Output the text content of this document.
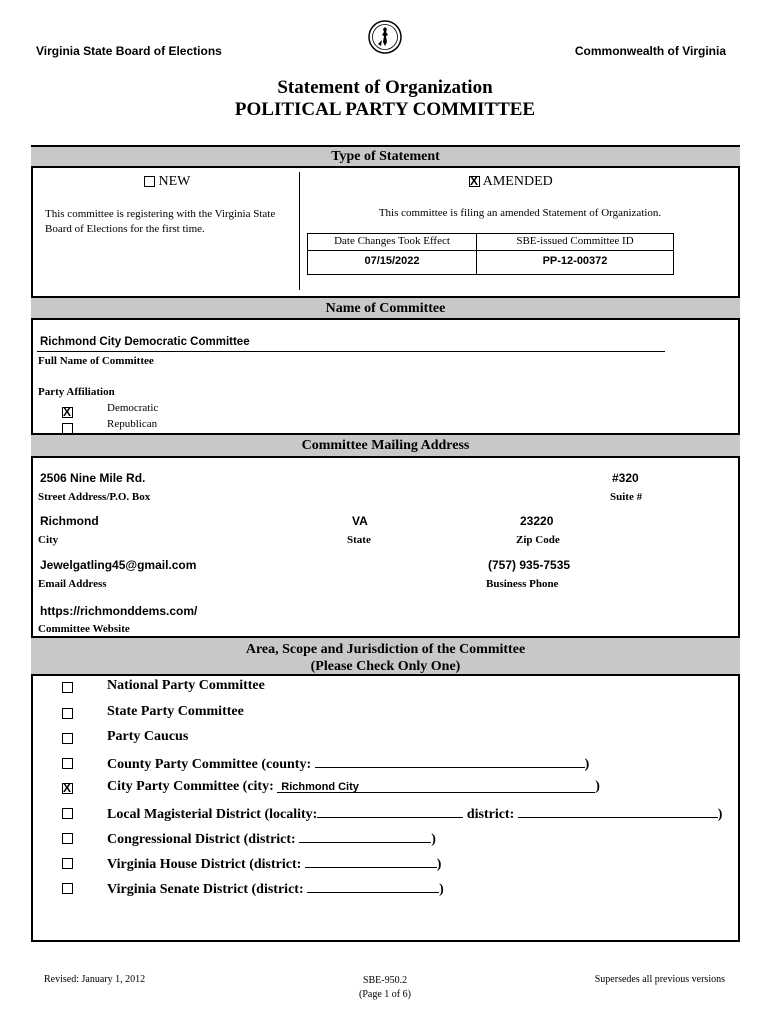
Virginia State Board of Elections	Commonwealth of Virginia
Statement of Organization
POLITICAL PARTY COMMITTEE
Type of Statement
NEW
This committee is registering with the Virginia State Board of Elections for the first time.
X AMENDED
This committee is filing an amended Statement of Organization.
Date Changes Took Effect	SBE-issued Committee ID
07/15/2022	PP-12-00372
Name of Committee
Richmond City Democratic Committee
Full Name of Committee
Party Affiliation
X	Democratic
Republican
Committee Mailing Address
2506 Nine Mile Rd.	#320
Street Address/P.O. Box	Suite #
Richmond	VA	23220
City	State	Zip Code
Jewelgatling45@gmail.com	(757) 935-7535
Email Address	Business Phone
https://richmonddems.com/
Committee Website
Area, Scope and Jurisdiction of the Committee
(Please Check Only One)
National Party Committee
State Party Committee
Party Caucus
County Party Committee (county:	)
X	City Party Committee (city: Richmond City	)
Local Magisterial District (locality:	district:	)
Congressional District (district:	)
Virginia House District (district:	)
Virginia Senate District (district:	)
Revised: January 1, 2012	SBE-950.2
(Page 1 of 6)
Supersedes all previous versions
